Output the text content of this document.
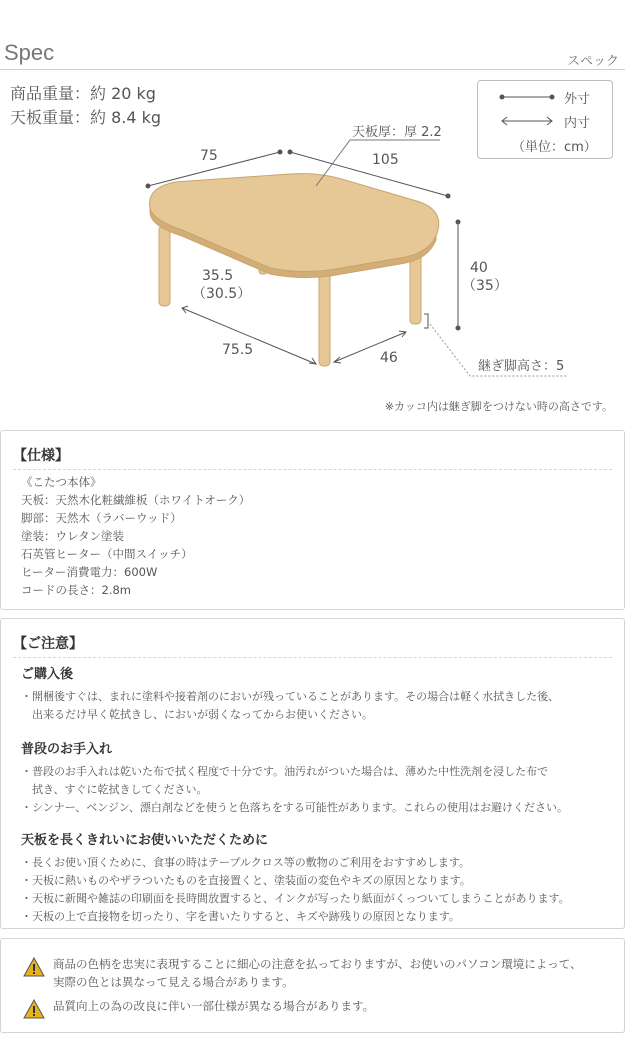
Spec	スペック
商品重量：約 20 kg
天板重量：約 8.4 kg
外寸
内寸
（単位：cm）
75	105
天板厚：厚 2.2
40
（35）
35.5
（30.5）
75.5	46
継ぎ脚高さ：5
※カッコ内は継ぎ脚をつけない時の高さです。
【仕様】
《こたつ本体》
天板：天然木化粧繊維板（ホワイトオーク）
脚部：天然木（ラバーウッド）
塗装：ウレタン塗装
石英管ヒーター（中間スイッチ）
ヒーター消費電力：600W
コードの長さ：2.8m
【ご注意】
ご購入後

・開梱後すぐは、まれに塗料や接着剤のにおいが残っていることがあります。その場合は軽く水拭きした後、

　出来るだけ早く乾拭きし、においが弱くなってからお使いください。

普段のお手入れ

・普段のお手入れは乾いた布で拭く程度で十分です。油汚れがついた場合は、薄めた中性洗剤を浸した布で

　拭き、すぐに乾拭きしてください。

・シンナー、ベンジン、漂白剤などを使うと色落ちをする可能性があります。これらの使用はお避けください。

天板を長くきれいにお使いいただくために

・長くお使い頂くために、食事の時はテーブルクロス等の敷物のご利用をおすすめします。

・天板に熱いものやザラついたものを直接置くと、塗装面の変色やキズの原因となります。

・天板に新聞や雑誌の印刷面を長時間放置すると、インクが写ったり紙面がくっついてしまうことがあります。

・天板の上で直接物を切ったり、字を書いたりすると、キズや跡残りの原因となります。

商品の色柄を忠実に表現することに細心の注意を払っておりますが、お使いのパソコン環境によって、
実際の色とは異なって見える場合があります。
品質向上の為の改良に伴い一部仕様が異なる場合があります。
